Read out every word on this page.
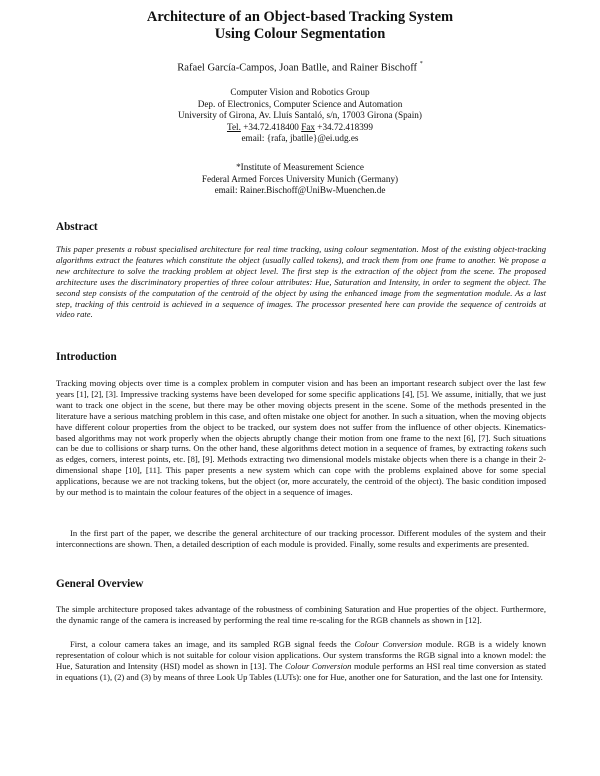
Architecture of an Object-based Tracking System
Using Colour Segmentation
Rafael García-Campos, Joan Batlle, and Rainer Bischoff *
Computer Vision and Robotics Group
Dep. of Electronics, Computer Science and Automation
University of Girona, Av. Lluís Santaló, s/n, 17003 Girona (Spain)
Tel. +34.72.418400 Fax +34.72.418399
email: {rafa, jbatlle}@ei.udg.es
*Institute of Measurement Science
Federal Armed Forces University Munich (Germany)
email: Rainer.Bischoff@UniBw-Muenchen.de
Abstract
This paper presents a robust specialised architecture for real time tracking, using colour segmentation. Most of the existing object-tracking algorithms extract the features which constitute the object (usually called tokens), and track them from one frame to another. We propose a new architecture to solve the tracking problem at object level. The first step is the extraction of the object from the scene. The proposed architecture uses the discriminatory properties of three colour attributes: Hue, Saturation and Intensity, in order to segment the object. The second step consists of the computation of the centroid of the object by using the enhanced image from the segmentation module. As a last step, tracking of this centroid is achieved in a sequence of images. The processor presented here can provide the sequence of centroids at video rate.
Introduction
Tracking moving objects over time is a complex problem in computer vision and has been an important research subject over the last few years [1], [2], [3]. Impressive tracking systems have been developed for some specific applications [4], [5]. We assume, initially, that we just want to track one object in the scene, but there may be other moving objects present in the scene. Some of the methods presented in the literature have a serious matching problem in this case, and often mistake one object for another. In such a situation, when the moving objects have different colour properties from the object to be tracked, our system does not suffer from the influence of other objects. Kinematics-based algorithms may not work properly when the objects abruptly change their motion from one frame to the next [6], [7]. Such situations can be due to collisions or sharp turns. On the other hand, these algorithms detect motion in a sequence of frames, by extracting tokens such as edges, corners, interest points, etc. [8], [9]. Methods extracting two dimensional models mistake objects when there is a change in their 2-dimensional shape [10], [11]. This paper presents a new system which can cope with the problems explained above for some special applications, because we are not tracking tokens, but the object (or, more accurately, the centroid of the object). The basic condition imposed by our method is to maintain the colour features of the object in a sequence of images.
In the first part of the paper, we describe the general architecture of our tracking processor. Different modules of the system and their interconnections are shown. Then, a detailed description of each module is provided. Finally, some results and experiments are presented.
General Overview
The simple architecture proposed takes advantage of the robustness of combining Saturation and Hue properties of the object. Furthermore, the dynamic range of the camera is increased by performing the real time re-scaling for the RGB channels as shown in [12].
First, a colour camera takes an image, and its sampled RGB signal feeds the Colour Conversion module. RGB is a widely known representation of colour which is not suitable for colour vision applications. Our system transforms the RGB signal into a known model: the Hue, Saturation and Intensity (HSI) model as shown in [13]. The Colour Conversion module performs an HSI real time conversion as stated in equations (1), (2) and (3) by means of three Look Up Tables (LUTs): one for Hue, another one for Saturation, and the last one for Intensity.
